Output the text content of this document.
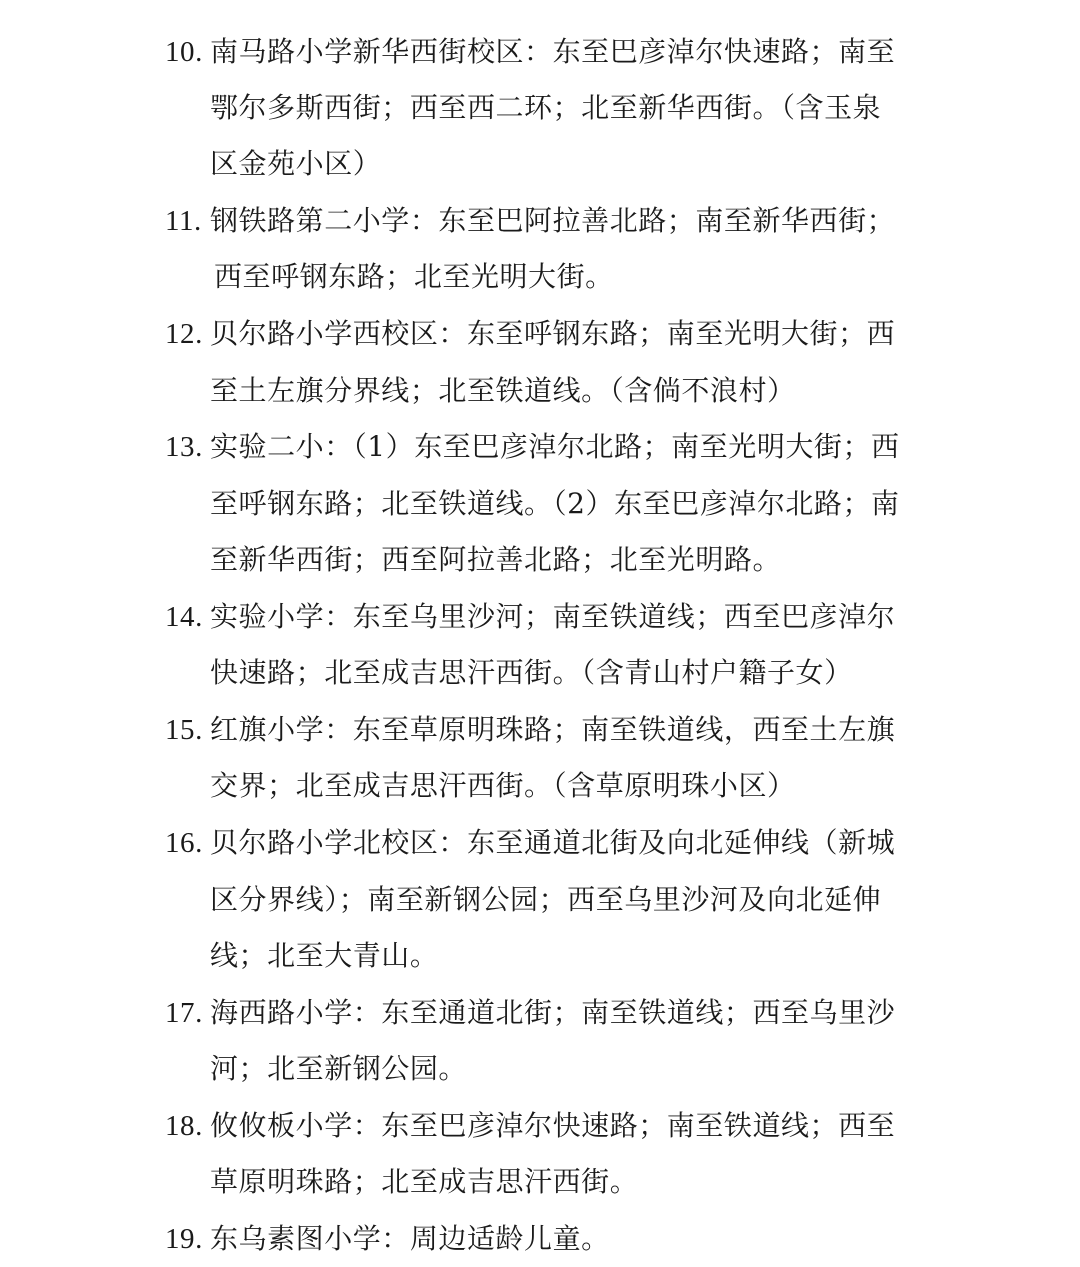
10. 南马路小学新华西街校区：东至巴彦淖尔快速路；南至
鄂尔多斯西街；西至西二环；北至新华西街。（含玉泉
区金苑小区）
11. 钢铁路第二小学：东至巴阿拉善北路；南至新华西街；
西至呼钢东路；北至光明大街。
12. 贝尔路小学西校区：东至呼钢东路；南至光明大街；西
至土左旗分界线；北至铁道线。（含倘不浪村）
13. 实验二小：（1）东至巴彦淖尔北路；南至光明大街；西
至呼钢东路；北至铁道线。（2）东至巴彦淖尔北路；南
至新华西街；西至阿拉善北路；北至光明路。
14. 实验小学：东至乌里沙河；南至铁道线；西至巴彦淖尔
快速路；北至成吉思汗西街。（含青山村户籍子女）
15. 红旗小学：东至草原明珠路；南至铁道线，西至土左旗
交界；北至成吉思汗西街。（含草原明珠小区）
16. 贝尔路小学北校区：东至通道北街及向北延伸线（新城
区分界线）；南至新钢公园；西至乌里沙河及向北延伸
线；北至大青山。
17. 海西路小学：东至通道北街；南至铁道线；西至乌里沙
河；北至新钢公园。
18. 攸攸板小学：东至巴彦淖尔快速路；南至铁道线；西至
草原明珠路；北至成吉思汗西街。
19. 东乌素图小学：周边适龄儿童。
